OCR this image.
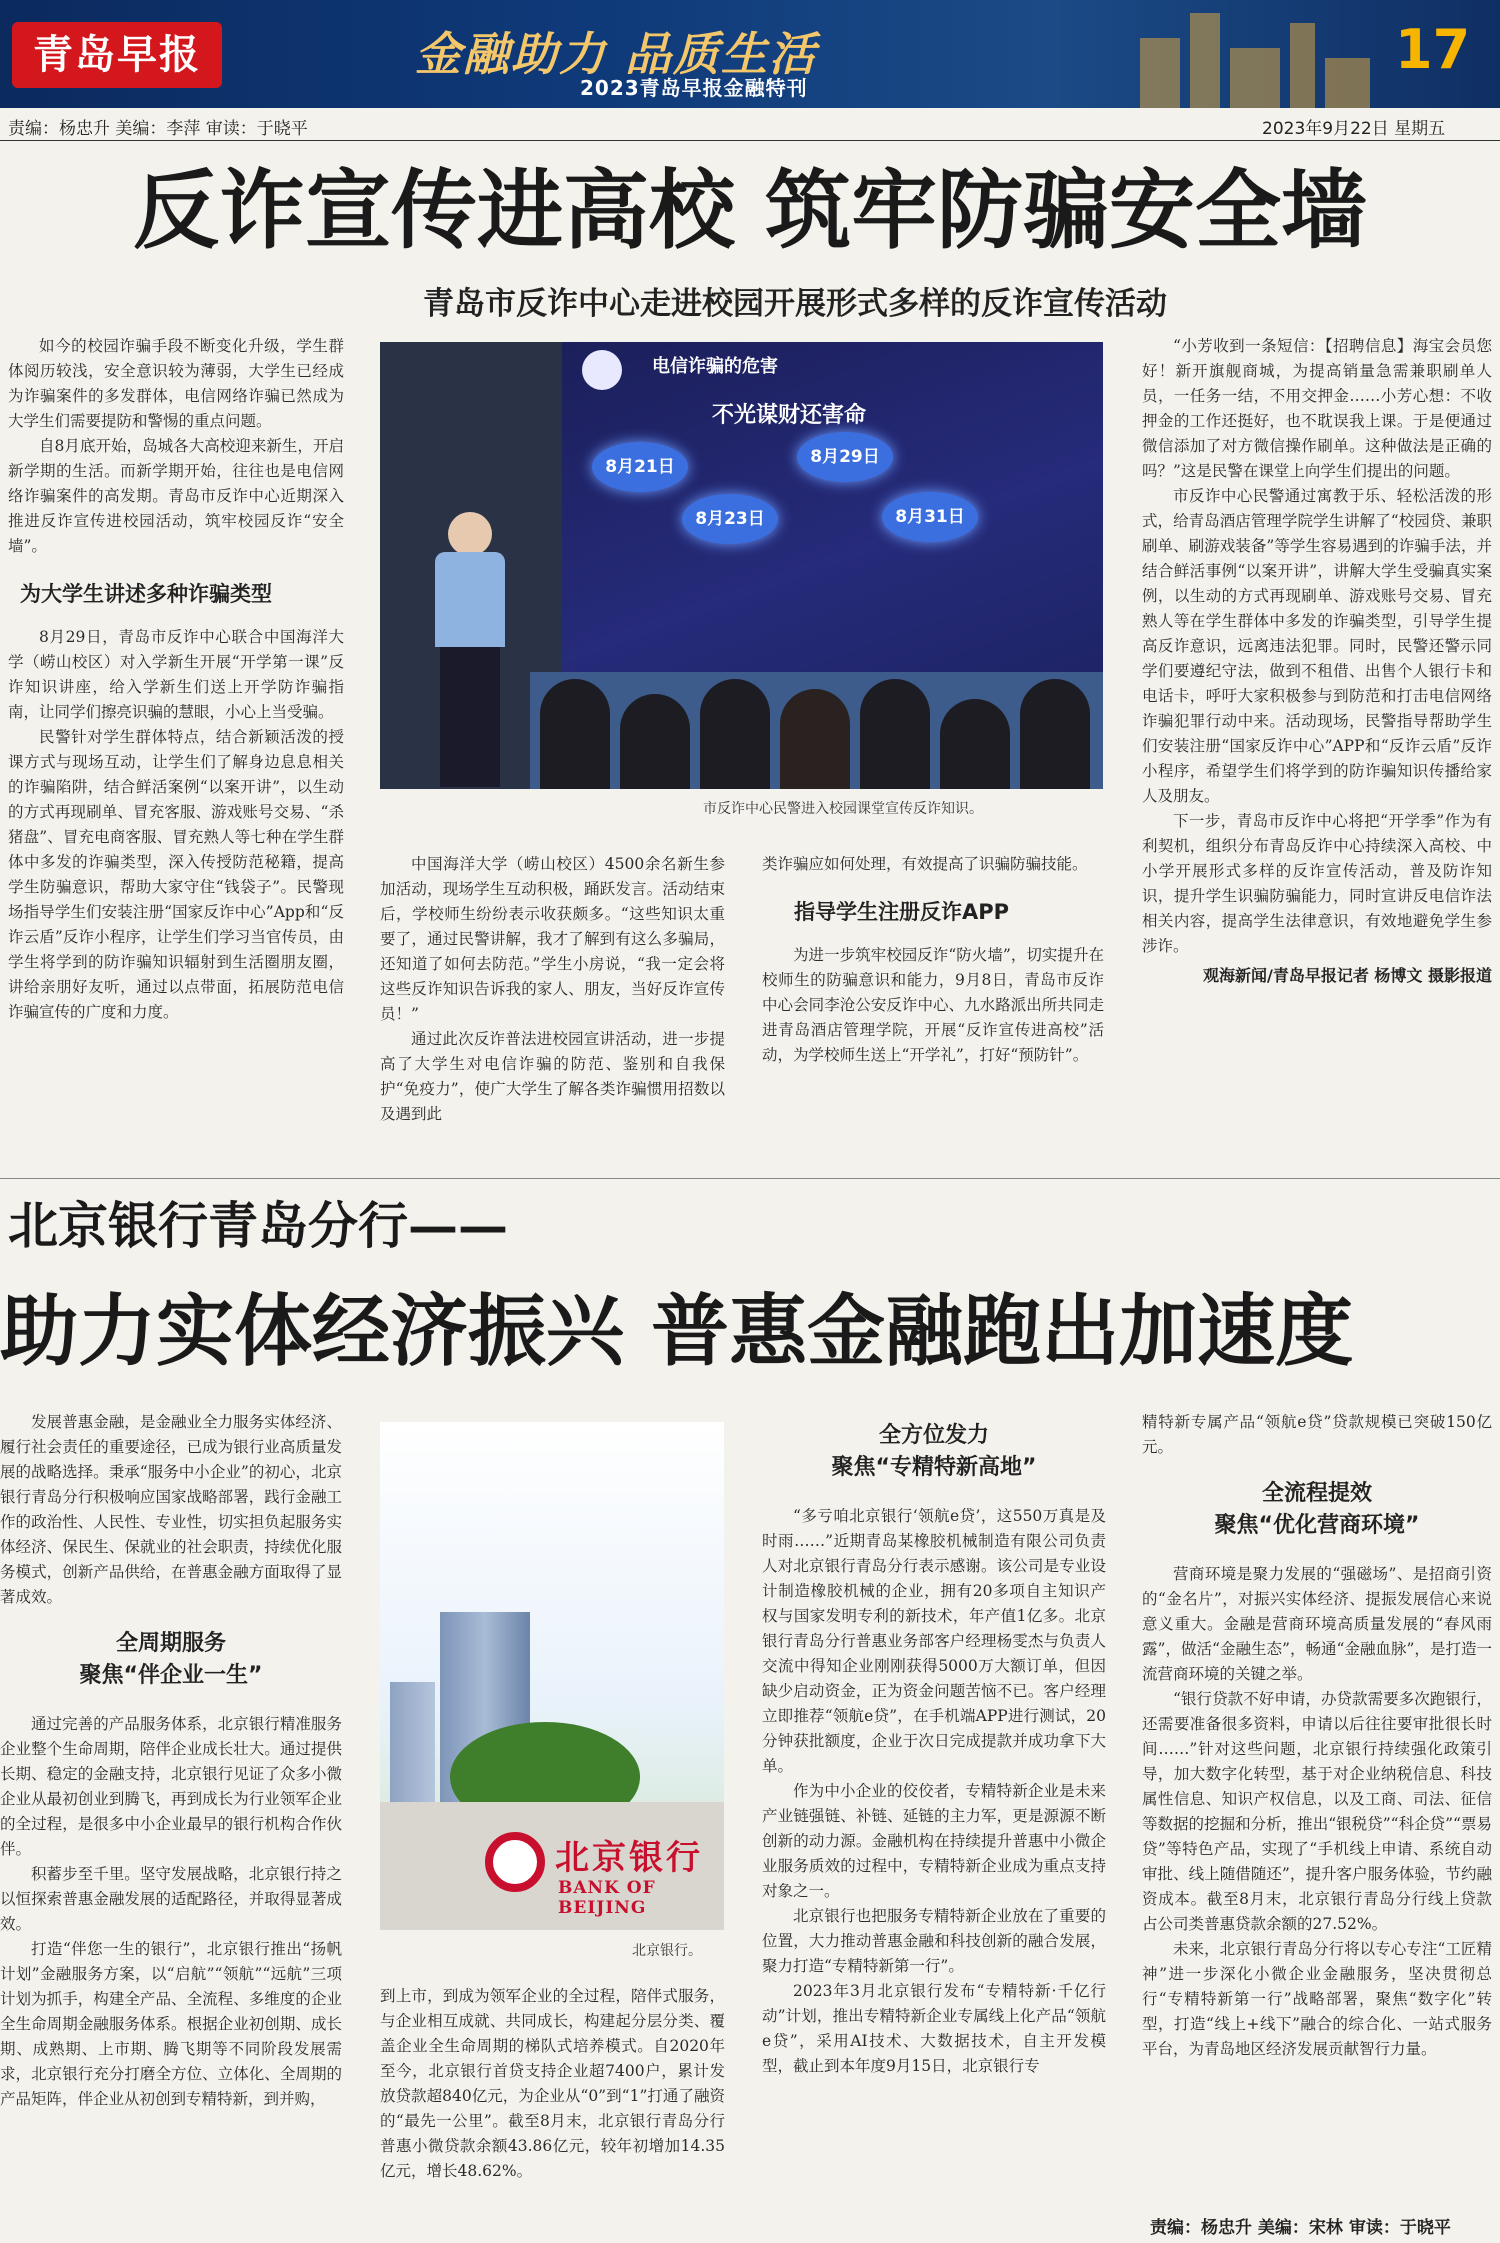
青岛早报	金融助力 品质生活
2023青岛早报金融特刊
17
责编：杨忠升 美编：李萍 审读：于晓平	2023年9月22日 星期五
反诈宣传进高校 筑牢防骗安全墙
青岛市反诈中心走进校园开展形式多样的反诈宣传活动

如今的校园诈骗手段不断变化升级，学生群体阅历较浅，安全意识较为薄弱，大学生已经成为诈骗案件的多发群体，电信网络诈骗已然成为大学生们需要提防和警惕的重点问题。

自8月底开始，岛城各大高校迎来新生，开启新学期的生活。而新学期开始，往往也是电信网络诈骗案件的高发期。青岛市反诈中心近期深入推进反诈宣传进校园活动，筑牢校园反诈“安全墙”。

为大学生讲述多种诈骗类型

8月29日，青岛市反诈中心联合中国海洋大学（崂山校区）对入学新生开展“开学第一课”反诈知识讲座，给入学新生们送上开学防诈骗指南，让同学们擦亮识骗的慧眼，小心上当受骗。

民警针对学生群体特点，结合新颖活泼的授课方式与现场互动，让学生们了解身边息息相关的诈骗陷阱，结合鲜活案例“以案开讲”，以生动的方式再现刷单、冒充客服、游戏账号交易、“杀猪盘”、冒充电商客服、冒充熟人等七种在学生群体中多发的诈骗类型，深入传授防范秘籍，提高学生防骗意识，帮助大家守住“钱袋子”。民警现场指导学生们安装注册“国家反诈中心”App和“反诈云盾”反诈小程序，让学生们学习当官传员，由学生将学到的防诈骗知识辐射到生活圈朋友圈，讲给亲朋好友听，通过以点带面，拓展防范电信诈骗宣传的广度和力度。

电信诈骗的危害
不光谋财还害命
8月21日
8月23日
8月29日
8月31日
市反诈中心民警进入校园课堂宣传反诈知识。

中国海洋大学（崂山校区）4500余名新生参加活动，现场学生互动积极，踊跃发言。活动结束后，学校师生纷纷表示收获颇多。“这些知识太重要了，通过民警讲解，我才了解到有这么多骗局，还知道了如何去防范。”学生小房说，“我一定会将这些反诈知识告诉我的家人、朋友，当好反诈宣传员！”

通过此次反诈普法进校园宣讲活动，进一步提高了大学生对电信诈骗的防范、鉴别和自我保护“免疫力”，使广大学生了解各类诈骗惯用招数以及遇到此

类诈骗应如何处理，有效提高了识骗防骗技能。

指导学生注册反诈APP

为进一步筑牢校园反诈“防火墙”，切实提升在校师生的防骗意识和能力，9月8日，青岛市反诈中心会同李沧公安反诈中心、九水路派出所共同走进青岛酒店管理学院，开展“反诈宣传进高校”活动，为学校师生送上“开学礼”，打好“预防针”。

“小芳收到一条短信：【招聘信息】海宝会员您好！新开旗舰商城，为提高销量急需兼职刷单人员，一任务一结，不用交押金……小芳心想：不收押金的工作还挺好，也不耽误我上课。于是便通过微信添加了对方微信操作刷单。这种做法是正确的吗？”这是民警在课堂上向学生们提出的问题。

市反诈中心民警通过寓教于乐、轻松活泼的形式，给青岛酒店管理学院学生讲解了“校园贷、兼职刷单、刷游戏装备”等学生容易遇到的诈骗手法，并结合鲜活事例“以案开讲”，讲解大学生受骗真实案例，以生动的方式再现刷单、游戏账号交易、冒充熟人等在学生群体中多发的诈骗类型，引导学生提高反诈意识，远离违法犯罪。同时，民警还警示同学们要遵纪守法，做到不租借、出售个人银行卡和电话卡，呼吁大家积极参与到防范和打击电信网络诈骗犯罪行动中来。活动现场，民警指导帮助学生们安装注册“国家反诈中心”APP和“反诈云盾”反诈小程序，希望学生们将学到的防诈骗知识传播给家人及朋友。

下一步，青岛市反诈中心将把“开学季”作为有利契机，组织分布青岛反诈中心持续深入高校、中小学开展形式多样的反诈宣传活动，普及防诈知识，提升学生识骗防骗能力，同时宣讲反电信诈法相关内容，提高学生法律意识，有效地避免学生参涉诈。

观海新闻/青岛早报记者 杨博文 摄影报道
北京银行青岛分行——
助力实体经济振兴 普惠金融跑出加速度

发展普惠金融，是金融业全力服务实体经济、履行社会责任的重要途径，已成为银行业高质量发展的战略选择。秉承“服务中小企业”的初心，北京银行青岛分行积极响应国家战略部署，践行金融工作的政治性、人民性、专业性，切实担负起服务实体经济、保民生、保就业的社会职责，持续优化服务模式，创新产品供给，在普惠金融方面取得了显著成效。

全周期服务
聚焦“伴企业一生”

通过完善的产品服务体系，北京银行精准服务企业整个生命周期，陪伴企业成长壮大。通过提供长期、稳定的金融支持，北京银行见证了众多小微企业从最初创业到腾飞，再到成长为行业领军企业的全过程，是很多中小企业最早的银行机构合作伙伴。

积蓄步至千里。坚守发展战略，北京银行持之以恒探索普惠金融发展的适配路径，并取得显著成效。

打造“伴您一生的银行”，北京银行推出“扬帆计划”金融服务方案，以“启航”“领航”“远航”三项计划为抓手，构建全产品、全流程、多维度的企业全生命周期金融服务体系。根据企业初创期、成长期、成熟期、上市期、腾飞期等不同阶段发展需求，北京银行充分打磨全方位、立体化、全周期的产品矩阵，伴企业从初创到专精特新，到并购，

北京银行
BANK OF BEIJING
北京银行。

到上市，到成为领军企业的全过程，陪伴式服务，与企业相互成就、共同成长，构建起分层分类、覆盖企业全生命周期的梯队式培养模式。自2020年至今，北京银行首贷支持企业超7400户，累计发放贷款超840亿元，为企业从“0”到“1”打通了融资的“最先一公里”。截至8月末，北京银行青岛分行普惠小微贷款余额43.86亿元，较年初增加14.35亿元，增长48.62%。

全方位发力
聚焦“专精特新高地”

“多亏咱北京银行‘领航e贷’，这550万真是及时雨……”近期青岛某橡胶机械制造有限公司负责人对北京银行青岛分行表示感谢。该公司是专业设计制造橡胶机械的企业，拥有20多项自主知识产权与国家发明专利的新技术，年产值1亿多。北京银行青岛分行普惠业务部客户经理杨雯杰与负责人交流中得知企业刚刚获得5000万大额订单，但因缺少启动资金，正为资金问题苦恼不已。客户经理立即推荐“领航e贷”，在手机端APP进行测试，20分钟获批额度，企业于次日完成提款并成功拿下大单。

作为中小企业的佼佼者，专精特新企业是未来产业链强链、补链、延链的主力军，更是源源不断创新的动力源。金融机构在持续提升普惠中小微企业服务质效的过程中，专精特新企业成为重点支持对象之一。

北京银行也把服务专精特新企业放在了重要的位置，大力推动普惠金融和科技创新的融合发展，聚力打造“专精特新第一行”。

2023年3月北京银行发布“专精特新·千亿行动”计划，推出专精特新企业专属线上化产品“领航e贷”，采用AI技术、大数据技术，自主开发模型，截止到本年度9月15日，北京银行专

精特新专属产品“领航e贷”贷款规模已突破150亿元。

全流程提效
聚焦“优化营商环境”

营商环境是聚力发展的“强磁场”、是招商引资的“金名片”，对振兴实体经济、提振发展信心来说意义重大。金融是营商环境高质量发展的“春风雨露”，做活“金融生态”，畅通“金融血脉”，是打造一流营商环境的关键之举。

“银行贷款不好申请，办贷款需要多次跑银行，还需要准备很多资料，申请以后往往要审批很长时间……”针对这些问题，北京银行持续强化政策引导，加大数字化转型，基于对企业纳税信息、科技属性信息、知识产权信息，以及工商、司法、征信等数据的挖掘和分析，推出“银税贷”“科企贷”“票易贷”等特色产品，实现了“手机线上申请、系统自动审批、线上随借随还”，提升客户服务体验，节约融资成本。截至8月末，北京银行青岛分行线上贷款占公司类普惠贷款余额的27.52%。

未来，北京银行青岛分行将以专心专注“工匠精神”进一步深化小微企业金融服务，坚决贯彻总行“专精特新第一行”战略部署，聚焦“数字化”转型，打造“线上+线下”融合的综合化、一站式服务平台，为青岛地区经济发展贡献智行力量。

责编：杨忠升 美编：宋林 审读：于晓平
